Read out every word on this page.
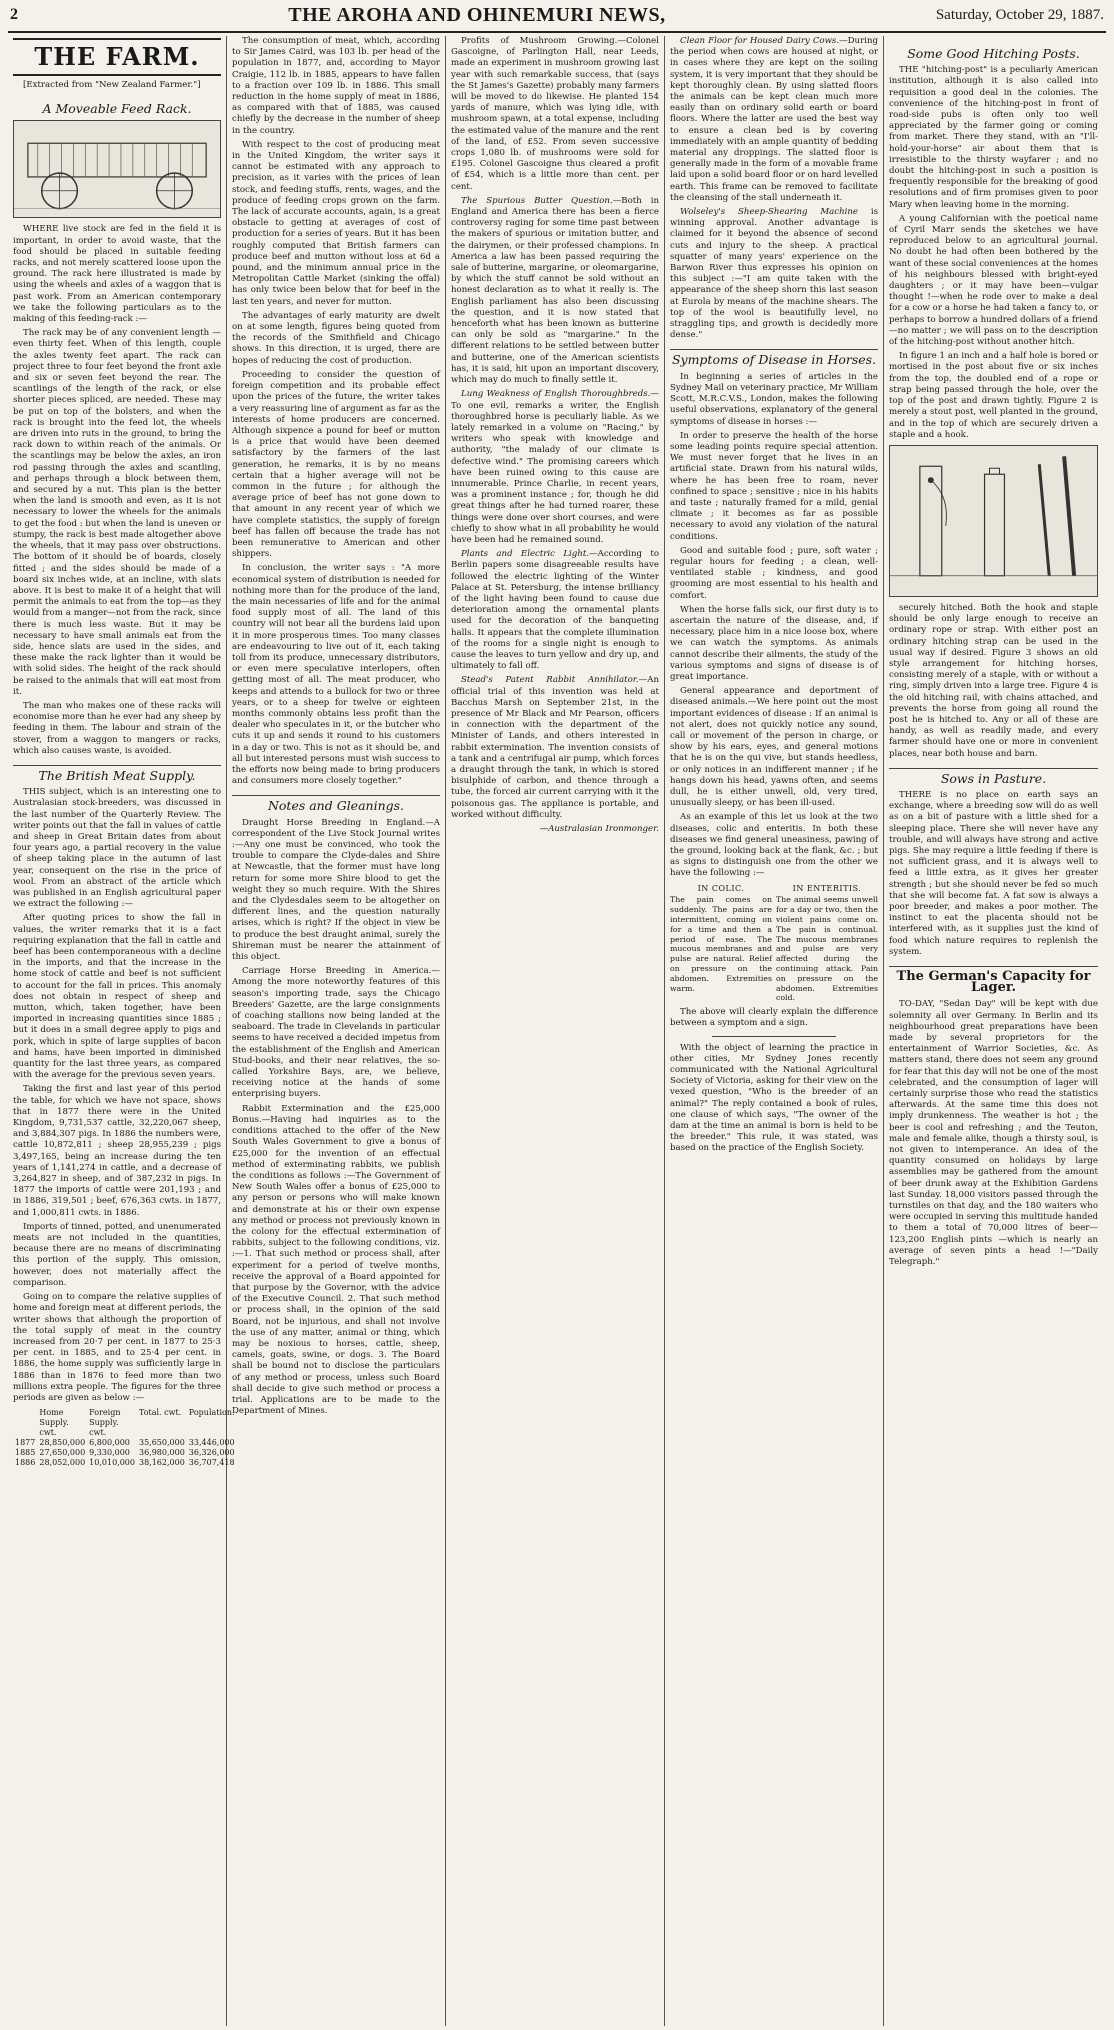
2	THE AROHA AND OHINEMURI NEWS,	Saturday, October 29, 1887.
THE FARM.

[Extracted from "New Zealand Farmer."]

A Moveable Feed Rack.

WHERE live stock are fed in the field it is important, in order to avoid waste, that the food should be placed in suitable feeding racks, and not merely scattered loose upon the ground. The rack here illustrated is made by using the wheels and axles of a waggon that is past work. From an American contemporary we take the following particulars as to the making of this feeding-rack :—

The rack may be of any convenient length —even thirty feet. When of this length, couple the axles twenty feet apart. The rack can project three to four feet beyond the front axle and six or seven feet beyond the rear. The scantlings of the length of the rack, or else shorter pieces spliced, are needed. These may be put on top of the bolsters, and when the rack is brought into the feed lot, the wheels are driven into ruts in the ground, to bring the rack down to within reach of the animals. Or the scantlings may be below the axles, an iron rod passing through the axles and scantling, and perhaps through a block between them, and secured by a nut. This plan is the better when the land is smooth and even, as it is not necessary to lower the wheels for the animals to get the food : but when the land is uneven or stumpy, the rack is best made altogether above the wheels, that it may pass over obstructions. The bottom of it should be of boards, closely fitted ; and the sides should be made of a board six inches wide, at an incline, with slats above. It is best to make it of a height that will permit the animals to eat from the top—as they would from a manger—not from the rack, since there is much less waste. But it may be necessary to have small animals eat from the side, hence slats are used in the sides, and these make the rack lighter than it would be with solid sides. The height of the rack should be raised to the animals that will eat most from it.

The man who makes one of these racks will economise more than he ever had any sheep by feeding in them. The labour and strain of the stover, from a waggon to mangers or racks, which also causes waste, is avoided.

The British Meat Supply.

THIS subject, which is an interesting one to Australasian stock-breeders, was discussed in the last number of the Quarterly Review. The writer points out that the fall in values of cattle and sheep in Great Britain dates from about four years ago, a partial recovery in the value of sheep taking place in the autumn of last year, consequent on the rise in the price of wool. From an abstract of the article which was published in an English agricultural paper we extract the following :—

After quoting prices to show the fall in values, the writer remarks that it is a fact requiring explanation that the fall in cattle and beef has been contemporaneous with a decline in the imports, and that the increase in the home stock of cattle and beef is not sufficient to account for the fall in prices. This anomaly does not obtain in respect of sheep and mutton, which, taken together, have been imported in increasing quantities since 1885 ; but it does in a small degree apply to pigs and pork, which in spite of large supplies of bacon and hams, have been imported in diminished quantity for the last three years, as compared with the average for the previous seven years.

Taking the first and last year of this period the table, for which we have not space, shows that in 1877 there were in the United Kingdom, 9,731,537 cattle, 32,220,067 sheep, and 3,884,307 pigs. In 1886 the numbers were, cattle 10,872,811 ; sheep 28,955,239 ; pigs 3,497,165, being an increase during the ten years of 1,141,274 in cattle, and a decrease of 3,264,827 in sheep, and of 387,232 in pigs. In 1877 the imports of cattle were 201,193 ; and in 1886, 319,501 ; beef, 676,363 cwts. in 1877, and 1,000,811 cwts. in 1886.

Imports of tinned, potted, and unenumerated meats are not included in the quantities, because there are no means of discriminating this portion of the supply. This omission, however, does not materially affect the comparison.

Going on to compare the relative supplies of home and foreign meat at different periods, the writer shows that although the proportion of the total supply of meat in the country increased from 20·7 per cent. in 1877 to 25·3 per cent. in 1885, and to 25·4 per cent. in 1886, the home supply was sufficiently large in 1886 than in 1876 to feed more than two millions extra people. The figures for the three periods are given as below :—

	Home Supply. cwt.	Foreign Supply. cwt.	Total. cwt.	Population.
1877	28,850,000	6,800,000	35,650,000	33,446,000
1885	27,650,000	9,330,000	36,980,000	36,326,000
1886	28,052,000	10,010,000	38,162,000	36,707,418

The consumption of meat, which, according to Sir James Caird, was 103 lb. per head of the population in 1877, and, according to Mayor Craigie, 112 lb. in 1885, appears to have fallen to a fraction over 109 lb. in 1886. This small reduction in the home supply of meat in 1886, as compared with that of 1885, was caused chiefly by the decrease in the number of sheep in the country.

With respect to the cost of producing meat in the United Kingdom, the writer says it cannot be estimated with any approach to precision, as it varies with the prices of lean stock, and feeding stuffs, rents, wages, and the produce of feeding crops grown on the farm. The lack of accurate accounts, again, is a great obstacle to getting at averages of cost of production for a series of years. But it has been roughly computed that British farmers can produce beef and mutton without loss at 6d a pound, and the minimum annual price in the Metropolitan Cattle Market (sinking the offal) has only twice been below that for beef in the last ten years, and never for mutton.

The advantages of early maturity are dwelt on at some length, figures being quoted from the records of the Smithfield and Chicago shows. In this direction, it is urged, there are hopes of reducing the cost of production.

Proceeding to consider the question of foreign competition and its probable effect upon the prices of the future, the writer takes a very reassuring line of argument as far as the interests of home producers are concerned. Although sixpence a pound for beef or mutton is a price that would have been deemed satisfactory by the farmers of the last generation, he remarks, it is by no means certain that a higher average will not be common in the future ; for although the average price of beef has not gone down to that amount in any recent year of which we have complete statistics, the supply of foreign beef has fallen off because the trade has not been remunerative to American and other shippers.

In conclusion, the writer says : "A more economical system of distribution is needed for nothing more than for the produce of the land, the main necessaries of life and for the animal food supply most of all. The land of this country will not bear all the burdens laid upon it in more prosperous times. Too many classes are endeavouring to live out of it, each taking toll from its produce, unnecessary distributors, or even mere speculative interlopers, often getting most of all. The meat producer, who keeps and attends to a bullock for two or three years, or to a sheep for twelve or eighteen months commonly obtains less profit than the dealer who speculates in it, or the butcher who cuts it up and sends it round to his customers in a day or two. This is not as it should be, and all but interested persons must wish success to the efforts now being made to bring producers and consumers more closely together."

Notes and Gleanings.

Draught Horse Breeding in England.—A correspondent of the Live Stock Journal writes :—Any one must be convinced, who took the trouble to compare the Clyde-dales and Shire at Newcastle, that the former must have long return for some more Shire blood to get the weight they so much require. With the Shires and the Clydesdales seem to be altogether on different lines, and the question naturally arises, which is right? If the object in view be to produce the best draught animal, surely the Shireman must be nearer the attainment of this object.

Carriage Horse Breeding in America.—Among the more noteworthy features of this season's importing trade, says the Chicago Breeders' Gazette, are the large consignments of coaching stallions now being landed at the seaboard. The trade in Clevelands in particular seems to have received a decided impetus from the establishment of the English and American Stud-books, and their near relatives, the so-called Yorkshire Bays, are, we believe, receiving notice at the hands of some enterprising buyers.

Rabbit Extermination and the £25,000 Bonus.—Having had inquiries as to the conditions attached to the offer of the New South Wales Government to give a bonus of £25,000 for the invention of an effectual method of exterminating rabbits, we publish the conditions as follows :—The Government of New South Wales offer a bonus of £25,000 to any person or persons who will make known and demonstrate at his or their own expense any method or process not previously known in the colony for the effectual extermination of rabbits, subject to the following conditions, viz. :—1. That such method or process shall, after experiment for a period of twelve months, receive the approval of a Board appointed for that purpose by the Governor, with the advice of the Executive Council. 2. That such method or process shall, in the opinion of the said Board, not be injurious, and shall not involve the use of any matter, animal or thing, which may be noxious to horses, cattle, sheep, camels, goats, swine, or dogs. 3. The Board shall be bound not to disclose the particulars of any method or process, unless such Board shall decide to give such method or process a trial. Applications are to be made to the Department of Mines.

Profits of Mushroom Growing.—Colonel Gascoigne, of Parlington Hall, near Leeds, made an experiment in mushroom growing last year with such remarkable success, that (says the St James's Gazette) probably many farmers will be moved to do likewise. He planted 154 yards of manure, which was lying idle, with mushroom spawn, at a total expense, including the estimated value of the manure and the rent of the land, of £52. From seven successive crops 1,080 lb. of mushrooms were sold for £195. Colonel Gascoigne thus cleared a profit of £54, which is a little more than cent. per cent.

The Spurious Butter Question.—Both in England and America there has been a fierce controversy raging for some time past between the makers of spurious or imitation butter, and the dairymen, or their professed champions. In America a law has been passed requiring the sale of butterine, margarine, or oleomargarine, by which the stuff cannot be sold without an honest declaration as to what it really is. The English parliament has also been discussing the question, and it is now stated that henceforth what has been known as butterine can only be sold as "margarine." In the different relations to be settled between butter and butterine, one of the American scientists has, it is said, hit upon an important discovery, which may do much to finally settle it.

Lung Weakness of English Thoroughbreds.—To one evil, remarks a writer, the English thoroughbred horse is peculiarly liable. As we lately remarked in a volume on "Racing," by writers who speak with knowledge and authority, "the malady of our climate is defective wind." The promising careers which have been ruined owing to this cause are innumerable. Prince Charlie, in recent years, was a prominent instance ; for, though he did great things after he had turned roarer, these things were done over short courses, and were chiefly to show what in all probability he would have been had he remained sound.

Plants and Electric Light.—According to Berlin papers some disagreeable results have followed the electric lighting of the Winter Palace at St. Petersburg, the intense brilliancy of the light having been found to cause due deterioration among the ornamental plants used for the decoration of the banqueting halls. It appears that the complete illumination of the rooms for a single night is enough to cause the leaves to turn yellow and dry up, and ultimately to fall off.

Stead's Patent Rabbit Annihilator.—An official trial of this invention was held at Bacchus Marsh on September 21st, in the presence of Mr Black and Mr Pearson, officers in connection with the department of the Minister of Lands, and others interested in rabbit extermination. The invention consists of a tank and a centrifugal air pump, which forces a draught through the tank, in which is stored bisulphide of carbon, and thence through a tube, the forced air current carrying with it the poisonous gas. The appliance is portable, and worked without difficulty.

—Australasian Ironmonger.

Clean Floor for Housed Dairy Cows.—During the period when cows are housed at night, or in cases where they are kept on the soiling system, it is very important that they should be kept thoroughly clean. By using slatted floors the animals can be kept clean much more easily than on ordinary solid earth or board floors. Where the latter are used the best way to ensure a clean bed is by covering immediately with an ample quantity of bedding material any droppings. The slatted floor is generally made in the form of a movable frame laid upon a solid board floor or on hard levelled earth. This frame can be removed to facilitate the cleansing of the stall underneath it.

Wolseley's Sheep-Shearing Machine is winning approval. Another advantage is claimed for it beyond the absence of second cuts and injury to the sheep. A practical squatter of many years' experience on the Barwon River thus expresses his opinion on this subject :—"I am quite taken with the appearance of the sheep shorn this last season at Eurola by means of the machine shears. The top of the wool is beautifully level, no straggling tips, and growth is decidedly more dense."

Symptoms of Disease in Horses.

In beginning a series of articles in the Sydney Mail on veterinary practice, Mr William Scott, M.R.C.V.S., London, makes the following useful observations, explanatory of the general symptoms of disease in horses :—

In order to preserve the health of the horse some leading points require special attention. We must never forget that he lives in an artificial state. Drawn from his natural wilds, where he has been free to roam, never confined to space ; sensitive ; nice in his habits and taste ; naturally framed for a mild, genial climate ; it becomes as far as possible necessary to avoid any violation of the natural conditions.

Good and suitable food ; pure, soft water ; regular hours for feeding ; a clean, well-ventilated stable ; kindness, and good grooming are most essential to his health and comfort.

When the horse falls sick, our first duty is to ascertain the nature of the disease, and, if necessary, place him in a nice loose box, where we can watch the symptoms. As animals cannot describe their ailments, the study of the various symptoms and signs of disease is of great importance.

General appearance and deportment of diseased animals.—We here point out the most important evidences of disease : If an animal is not alert, does not quickly notice any sound, call or movement of the person in charge, or show by his ears, eyes, and general motions that he is on the qui vive, but stands heedless, or only notices in an indifferent manner ; if he hangs down his head, yawns often, and seems dull, he is either unwell, old, very tired, unusually sleepy, or has been ill-used.

As an example of this let us look at the two diseases, colic and enteritis. In both these diseases we find general uneasiness, pawing of the ground, looking back at the flank, &c. ; but as signs to distinguish one from the other we have the following :—

IN COLIC.
The pain comes on suddenly. The pains are intermittent, coming on for a time and then a period of ease. The mucous membranes and pulse are natural. Relief on pressure on the abdomen. Extremities warm.
IN ENTERITIS.
The animal seems unwell for a day or two, then the violent pains come on. The pain is continual. The mucous membranes and pulse are very affected during the continuing attack. Pain on pressure on the abdomen. Extremities cold.

The above will clearly explain the difference between a symptom and a sign.

With the object of learning the practice in other cities, Mr Sydney Jones recently communicated with the National Agricultural Society of Victoria, asking for their view on the vexed question, "Who is the breeder of an animal?" The reply contained a book of rules, one clause of which says, "The owner of the dam at the time an animal is born is held to be the breeder." This rule, it was stated, was based on the practice of the English Society.

Some Good Hitching Posts.

THE "hitching-post" is a peculiarly American institution, although it is also called into requisition a good deal in the colonies. The convenience of the hitching-post in front of road-side pubs is often only too well appreciated by the farmer going or coming from market. There they stand, with an "I'll-hold-your-horse" air about them that is irresistible to the thirsty wayfarer ; and no doubt the hitching-post in such a position is frequently responsible for the breaking of good resolutions and of firm promises given to poor Mary when leaving home in the morning.

A young Californian with the poetical name of Cyril Marr sends the sketches we have reproduced below to an agricultural journal. No doubt he had often been bothered by the want of these social conveniences at the homes of his neighbours blessed with bright-eyed daughters ; or it may have been—vulgar thought !—when he rode over to make a deal for a cow or a horse he had taken a fancy to, or perhaps to borrow a hundred dollars of a friend—no matter ; we will pass on to the description of the hitching-post without another hitch.

In figure 1 an inch and a half hole is bored or mortised in the post about five or six inches from the top, the doubled end of a rope or strap being passed through the hole, over the top of the post and drawn tightly. Figure 2 is merely a stout post, well planted in the ground, and in the top of which are securely driven a staple and a hook.

securely hitched. Both the hook and staple should be only large enough to receive an ordinary rope or strap. With either post an ordinary hitching strap can be used in the usual way if desired. Figure 3 shows an old style arrangement for hitching horses, consisting merely of a staple, with or without a ring, simply driven into a large tree. Figure 4 is the old hitching rail, with chains attached, and prevents the horse from going all round the post he is hitched to. Any or all of these are handy, as well as readily made, and every farmer should have one or more in convenient places, near both house and barn.

Sows in Pasture.

THERE is no place on earth says an exchange, where a breeding sow will do as well as on a bit of pasture with a little shed for a sleeping place. There she will never have any trouble, and will always have strong and active pigs. She may require a little feeding if there is not sufficient grass, and it is always well to feed a little extra, as it gives her greater strength ; but she should never be fed so much that she will become fat. A fat sow is always a poor breeder, and makes a poor mother. The instinct to eat the placenta should not be interfered with, as it supplies just the kind of food which nature requires to replenish the system.

The German's Capacity for Lager.

TO-DAY, "Sedan Day" will be kept with due solemnity all over Germany. In Berlin and its neighbourhood great preparations have been made by several proprietors for the entertainment of Warrior Societies, &c. As matters stand, there does not seem any ground for fear that this day will not be one of the most celebrated, and the consumption of lager will certainly surprise those who read the statistics afterwards. At the same time this does not imply drunkenness. The weather is hot ; the beer is cool and refreshing ; and the Teuton, male and female alike, though a thirsty soul, is not given to intemperance. An idea of the quantity consumed on holidays by large assemblies may be gathered from the amount of beer drunk away at the Exhibition Gardens last Sunday. 18,000 visitors passed through the turnstiles on that day, and the 180 waiters who were occupied in serving this multitude handed to them a total of 70,000 litres of beer—123,200 English pints —which is nearly an average of seven pints a head !—"Daily Telegraph."
